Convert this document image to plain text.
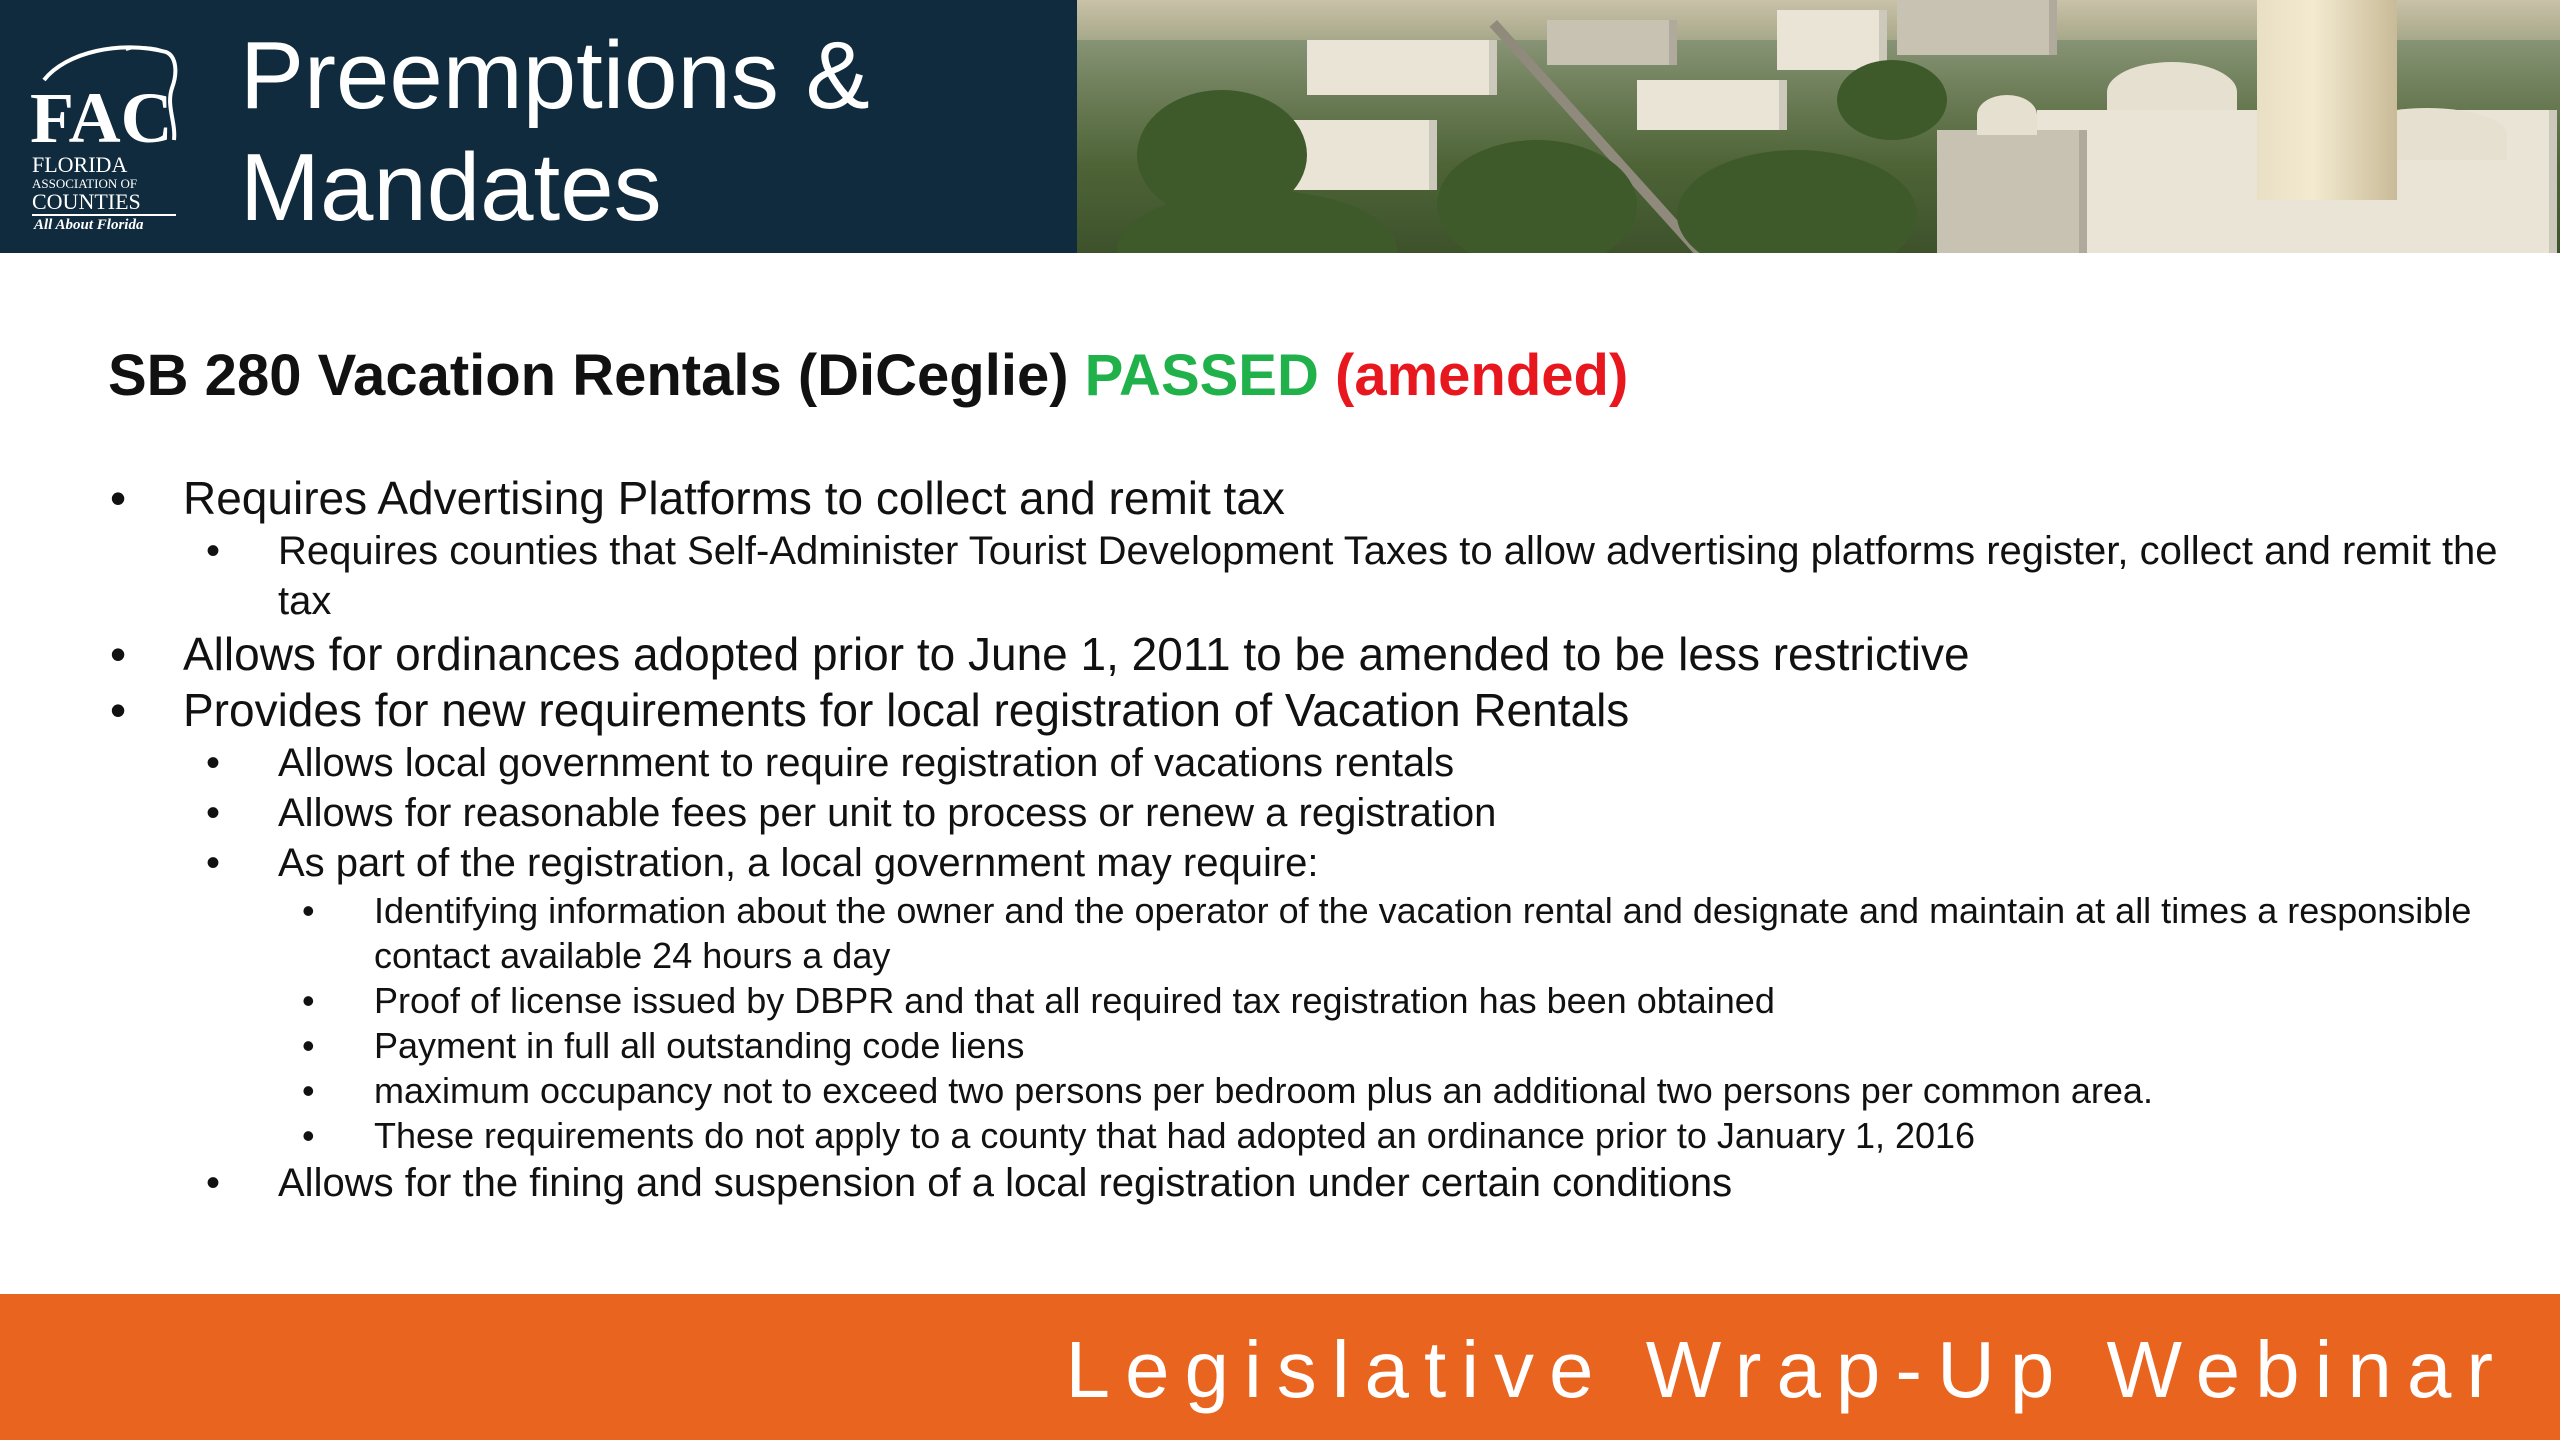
FAC
FLORIDA
ASSOCIATION OF
COUNTIES
All About Florida
Preemptions &
Mandates
SB 280 Vacation Rentals (DiCeglie) PASSED (amended)
• Requires Advertising Platforms to collect and remit tax
• Requires counties that Self-Administer Tourist Development Taxes to allow advertising platforms register, collect and remit the tax
• Allows for ordinances adopted prior to June 1, 2011 to be amended to be less restrictive
• Provides for new requirements for local registration of Vacation Rentals
• Allows local government to require registration of vacations rentals
• Allows for reasonable fees per unit to process or renew a registration
• As part of the registration, a local government may require:
• Identifying information about the owner and the operator of the vacation rental and designate and maintain at all times a responsible contact available 24 hours a day
• Proof of license issued by DBPR and that all required tax registration has been obtained
• Payment in full all outstanding code liens
• maximum occupancy not to exceed two persons per bedroom plus an additional two persons per common area.
• These requirements do not apply to a county that had adopted an ordinance prior to January 1, 2016
• Allows for the fining and suspension of a local registration under certain conditions
Legislative Wrap-Up Webinar
